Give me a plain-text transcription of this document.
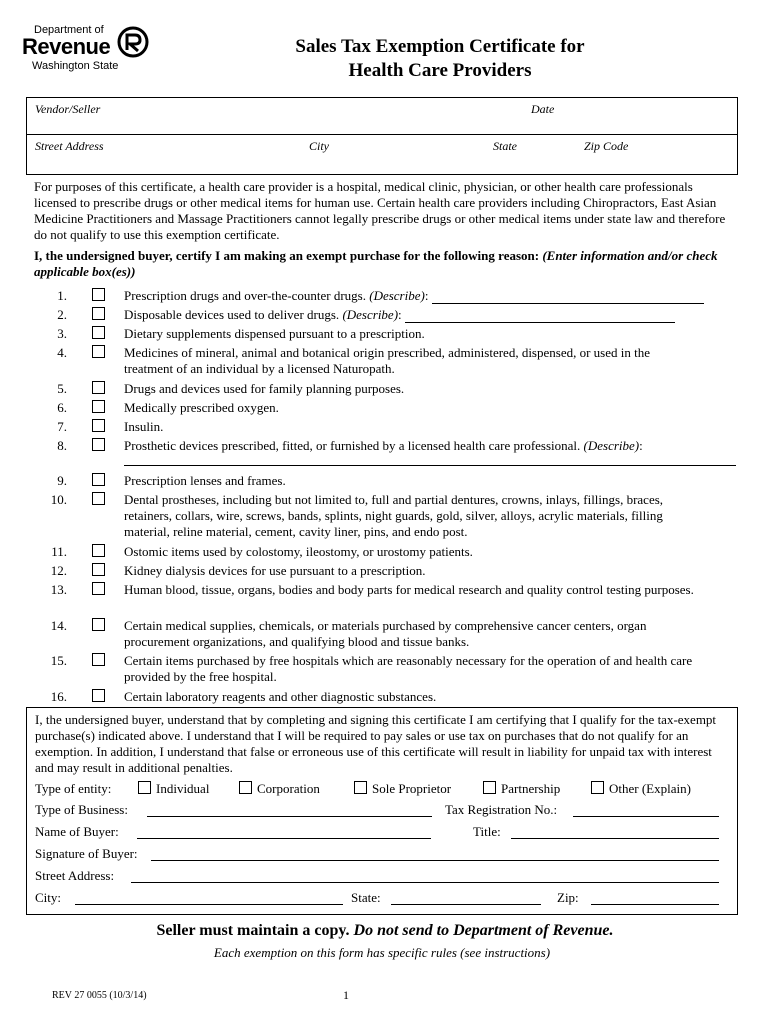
Department of
Revenue
Washington State
Sales Tax Exemption Certificate for
Health Care Providers
Vendor/Seller	Date
Street Address	City	State	Zip Code
For purposes of this certificate, a health care provider is a hospital, medical clinic, physician, or other health care professionals licensed to prescribe drugs or other medical items for human use. Certain health care providers including Chiropractors, East Asian Medicine Practitioners and Massage Practitioners cannot legally prescribe drugs or other medical items under state law and therefore do not qualify to use this exemption certificate.
I, the undersigned buyer, certify I am making an exempt purchase for the following reason: (Enter information and/or check applicable box(es))
1.	Prescription drugs and over-the-counter drugs. (Describe):
2.	Disposable devices used to deliver drugs. (Describe):
3.	Dietary supplements dispensed pursuant to a prescription.
4.	Medicines of mineral, animal and botanical origin prescribed, administered, dispensed, or used in the treatment of an individual by a licensed Naturopath.
5.	Drugs and devices used for family planning purposes.
6.	Medically prescribed oxygen.
7.	Insulin.
8.	Prosthetic devices prescribed, fitted, or furnished by a licensed health care professional. (Describe):
9.	Prescription lenses and frames.
10.	Dental prostheses, including but not limited to, full and partial dentures, crowns, inlays, fillings, braces, retainers, collars, wire, screws, bands, splints, night guards, gold, silver, alloys, acrylic materials, filling material, reline material, cement, cavity liner, pins, and endo post.
11.	Ostomic items used by colostomy, ileostomy, or urostomy patients.
12.	Kidney dialysis devices for use pursuant to a prescription.
13.	Human blood, tissue, organs, bodies and body parts for medical research and quality control testing purposes.
14.	Certain medical supplies, chemicals, or materials purchased by comprehensive cancer centers, organ procurement organizations, and qualifying blood and tissue banks.
15.	Certain items purchased by free hospitals which are reasonably necessary for the operation of and health care provided by the free hospital.
16.	Certain laboratory reagents and other diagnostic substances.
I, the undersigned buyer, understand that by completing and signing this certificate I am certifying that I qualify for the tax-exempt purchase(s) indicated above. I understand that I will be required to pay sales or use tax on purchases that do not qualify for an exemption. In addition, I understand that false or erroneous use of this certificate will result in liability for unpaid tax with interest and may result in additional penalties.
Type of entity:	Individual	Corporation	Sole Proprietor	Partnership	Other (Explain)
Type of Business:	Tax Registration No.:
Name of Buyer:	Title:
Signature of Buyer:
Street Address:
City:	State:	Zip:
Seller must maintain a copy. Do not send to Department of Revenue.
Each exemption on this form has specific rules (see instructions)
REV 27 0055 (10/3/14)	1
